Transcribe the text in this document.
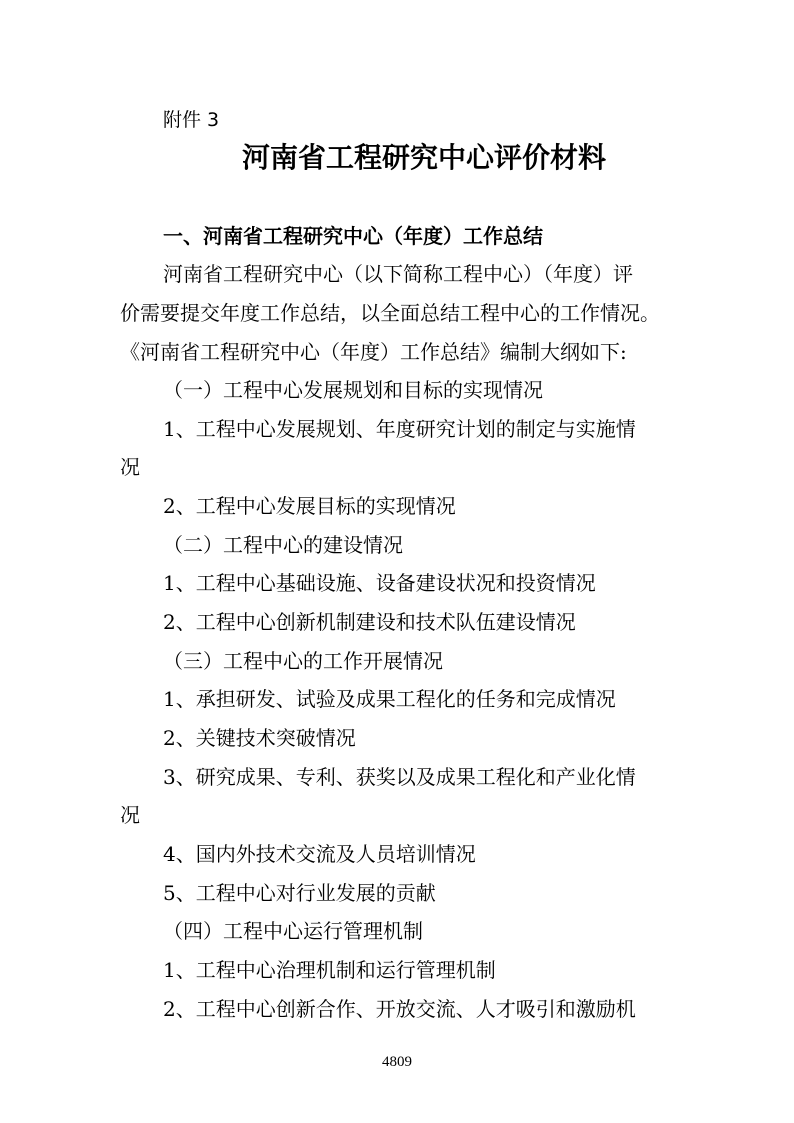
附件 3
河南省工程研究中心评价材料
一、河南省工程研究中心（年度）工作总结
河南省工程研究中心（以下简称工程中心）（年度）评
价需要提交年度工作总结，以全面总结工程中心的工作情况。
《河南省工程研究中心（年度）工作总结》编制大纲如下:
（一）工程中心发展规划和目标的实现情况
1、工程中心发展规划、年度研究计划的制定与实施情
况
2、工程中心发展目标的实现情况
（二）工程中心的建设情况
1、工程中心基础设施、设备建设状况和投资情况
2、工程中心创新机制建设和技术队伍建设情况
（三）工程中心的工作开展情况
1、承担研发、试验及成果工程化的任务和完成情况
2、关键技术突破情况
3、研究成果、专利、获奖以及成果工程化和产业化情
况
4、国内外技术交流及人员培训情况
5、工程中心对行业发展的贡献
（四）工程中心运行管理机制
1、工程中心治理机制和运行管理机制
2、工程中心创新合作、开放交流、人才吸引和激励机
4809
